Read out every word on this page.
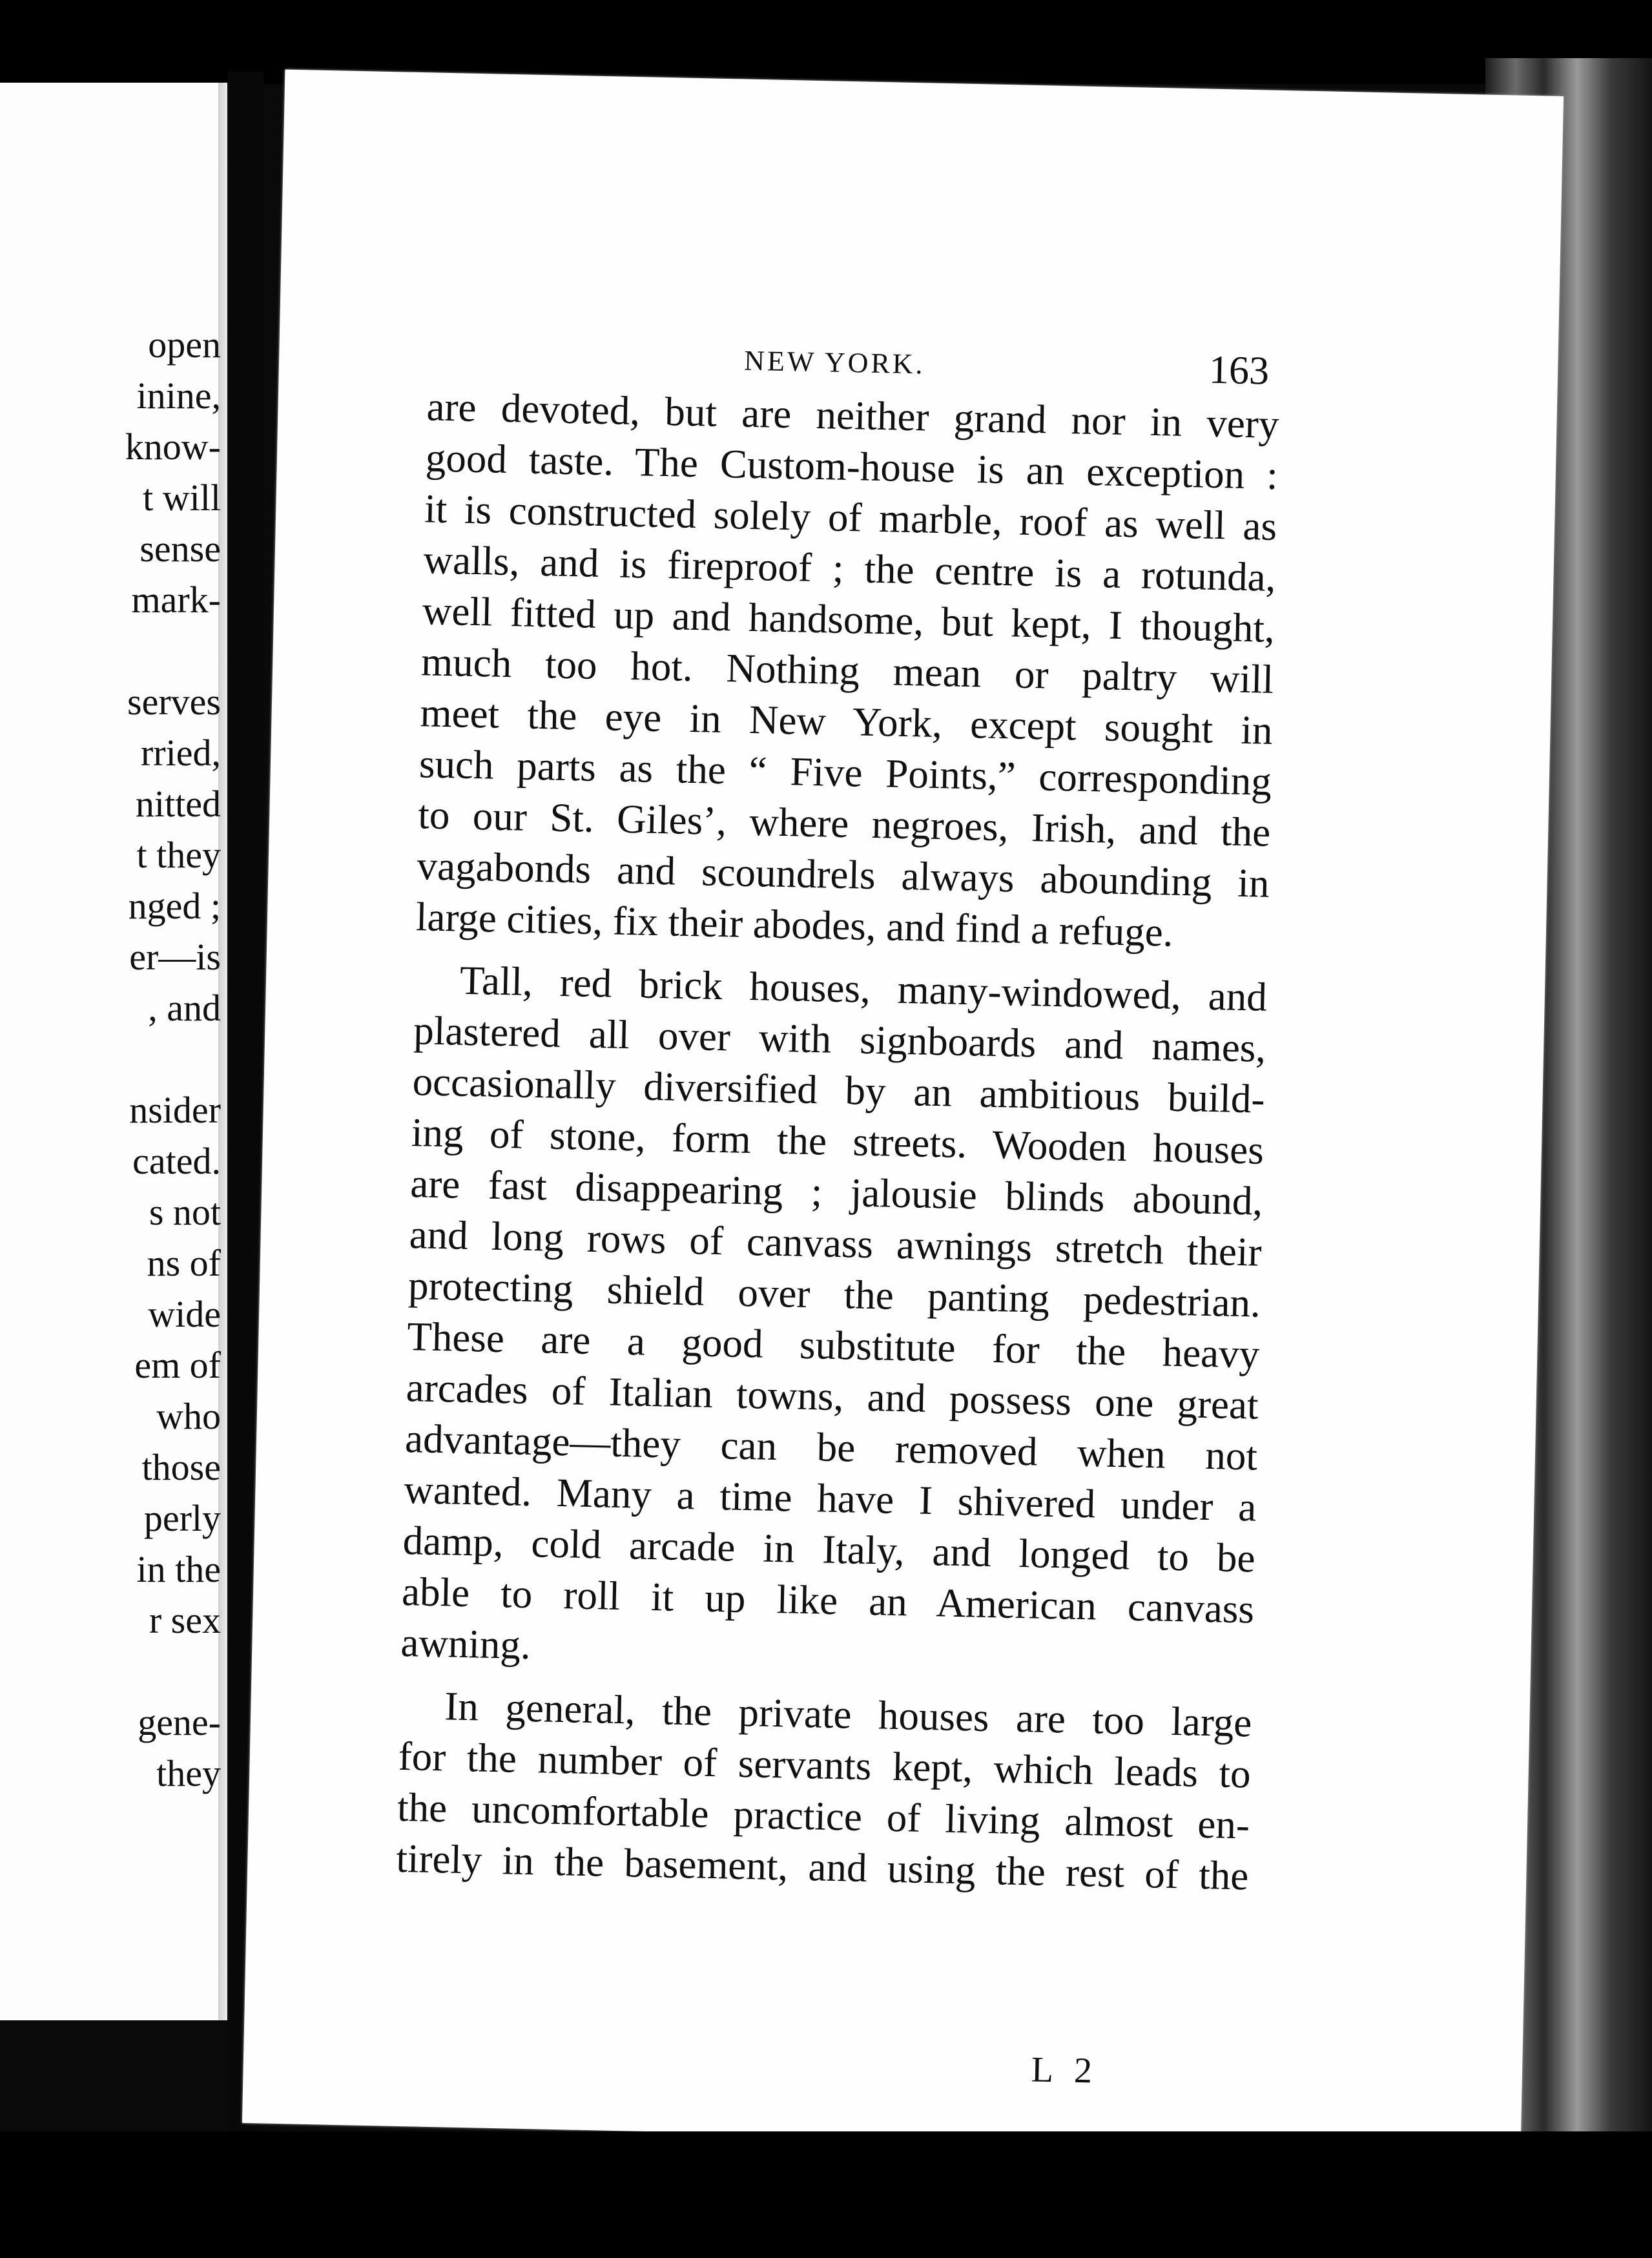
open
inine,
know-
t will
sense
mark-
serves
rried,
nitted
t they
nged ;
er—is
, and
nsider
cated.
s not
ns of
wide
em of
who
those
perly
in the
r sex
gene-
they
NEW YORK.	163
are devoted, but are neither grand nor in very
good taste. The Custom-house is an exception :
it is constructed solely of marble, roof as well as
walls, and is fireproof ; the centre is a rotunda,
well fitted up and handsome, but kept, I thought,
much too hot. Nothing mean or paltry will
meet the eye in New York, except sought in
such parts as the “ Five Points,” corresponding
to our St. Giles’, where negroes, Irish, and the
vagabonds and scoundrels always abounding in
large cities, fix their abodes, and find a refuge.
Tall, red brick houses, many-windowed, and
plastered all over with signboards and names,
occasionally diversified by an ambitious build-
ing of stone, form the streets. Wooden houses
are fast disappearing ; jalousie blinds abound,
and long rows of canvass awnings stretch their
protecting shield over the panting pedestrian.
These are a good substitute for the heavy
arcades of Italian towns, and possess one great
advantage—they can be removed when not
wanted. Many a time have I shivered under a
damp, cold arcade in Italy, and longed to be
able to roll it up like an American canvass
awning.
In general, the private houses are too large
for the number of servants kept, which leads to
the uncomfortable practice of living almost en-
tirely in the basement, and using the rest of the
L 2
